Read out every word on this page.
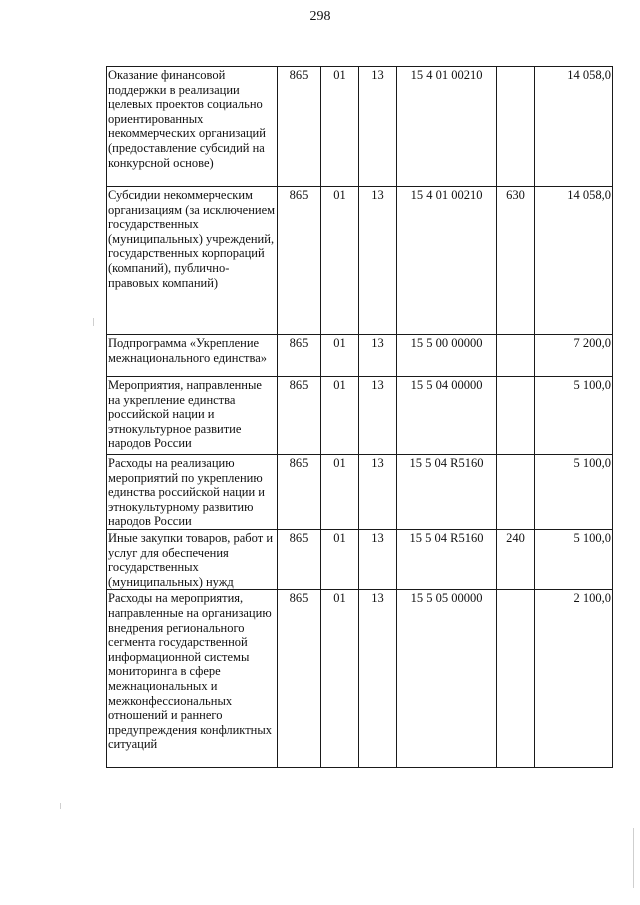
298
Оказание финансовой поддержки в реализации целевых проектов социально ориентированных некоммерческих организаций (предоставление субсидий на конкурсной основе)	865	01	13	15 4 01 00210		14 058,0
Субсидии некоммерческим организациям (за исключением государственных (муниципальных) учреждений, государственных корпораций (компаний), публично-правовых компаний)	865	01	13	15 4 01 00210	630	14 058,0
Подпрограмма «Укрепление межнационального единства»	865	01	13	15 5 00 00000		7 200,0
Мероприятия, направленные на укрепление единства российской нации и этнокультурное развитие народов России	865	01	13	15 5 04 00000		5 100,0
Расходы на реализацию мероприятий по укреплению единства российской нации и этнокультурному развитию народов России	865	01	13	15 5 04 R5160		5 100,0
Иные закупки товаров, работ и услуг для обеспечения государственных (муниципальных) нужд	865	01	13	15 5 04 R5160	240	5 100,0
Расходы на мероприятия, направленные на организацию внедрения регионального сегмента государственной информационной системы мониторинга в сфере межнациональных и межконфессиональных отношений и раннего предупреждения конфликтных ситуаций	865	01	13	15 5 05 00000		2 100,0
